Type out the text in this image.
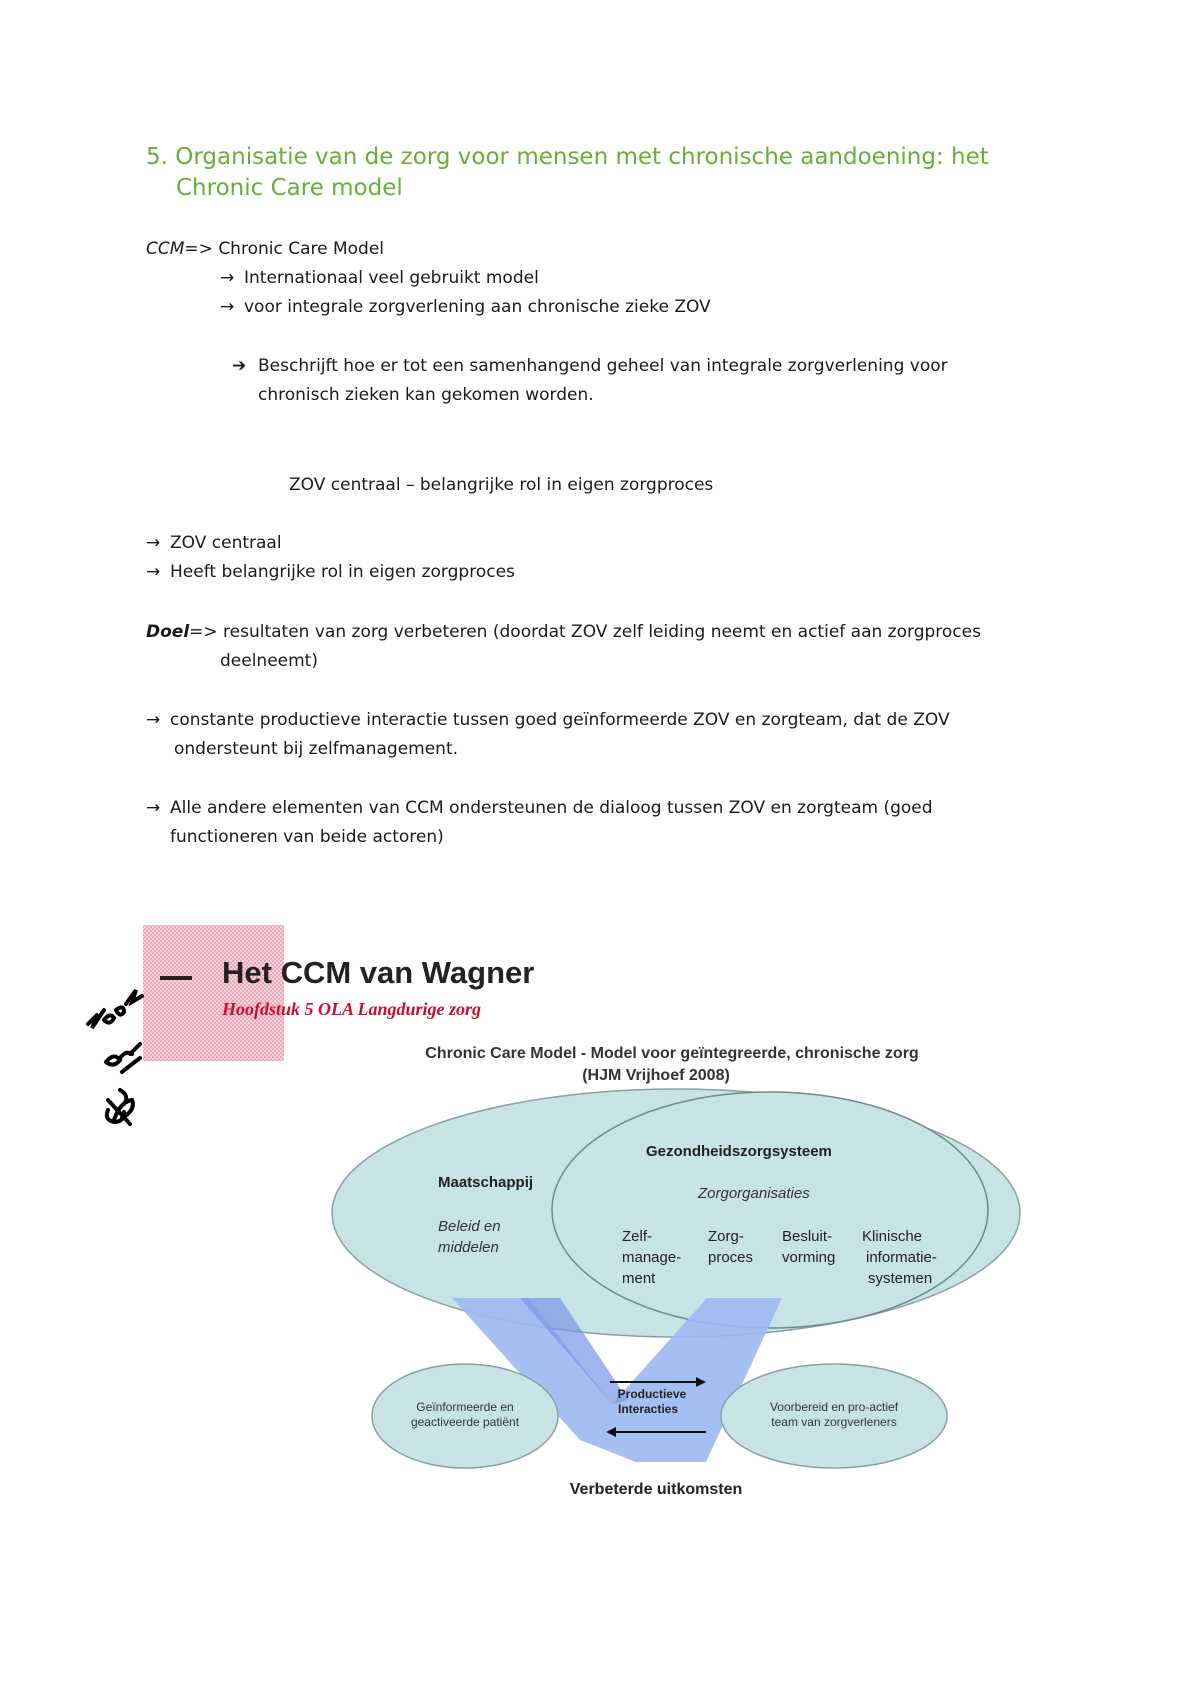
5. Organisatie van de zorg voor mensen met chronische aandoening: het
Chronic Care model
CCM=> Chronic Care Model
→ Internationaal veel gebruikt model
→ voor integrale zorgverlening aan chronische zieke ZOV
➔ Beschrijft hoe er tot een samenhangend geheel van integrale zorgverlening voor
chronisch zieken kan gekomen worden.
ZOV centraal – belangrijke rol in eigen zorgproces
→ ZOV centraal
→ Heeft belangrijke rol in eigen zorgproces
Doel=> resultaten van zorg verbeteren (doordat ZOV zelf leiding neemt en actief aan zorgproces
deelneemt)
→ constante productieve interactie tussen goed geïnformeerde ZOV en zorgteam, dat de ZOV
ondersteunt bij zelfmanagement.
→ Alle andere elementen van CCM ondersteunen de dialoog tussen ZOV en zorgteam (goed
functioneren van beide actoren)
Het CCM van Wagner
Hoofdstuk 5 OLA Langdurige zorg
Chronic Care Model - Model voor geïntegreerde, chronische zorg
(HJM Vrijhoef 2008)
Maatschappij
Beleid en
middelen
Gezondheidszorgsysteem
Zorgorganisaties
Zelf-
manage-
ment
Zorg-
proces
Besluit-
vorming
Klinische
informatie-
systemen
Geïnformeerde en
geactiveerde patiënt
Voorbereid en pro-actief
team van zorgverleners
Productieve
Interacties
Verbeterde uitkomsten
